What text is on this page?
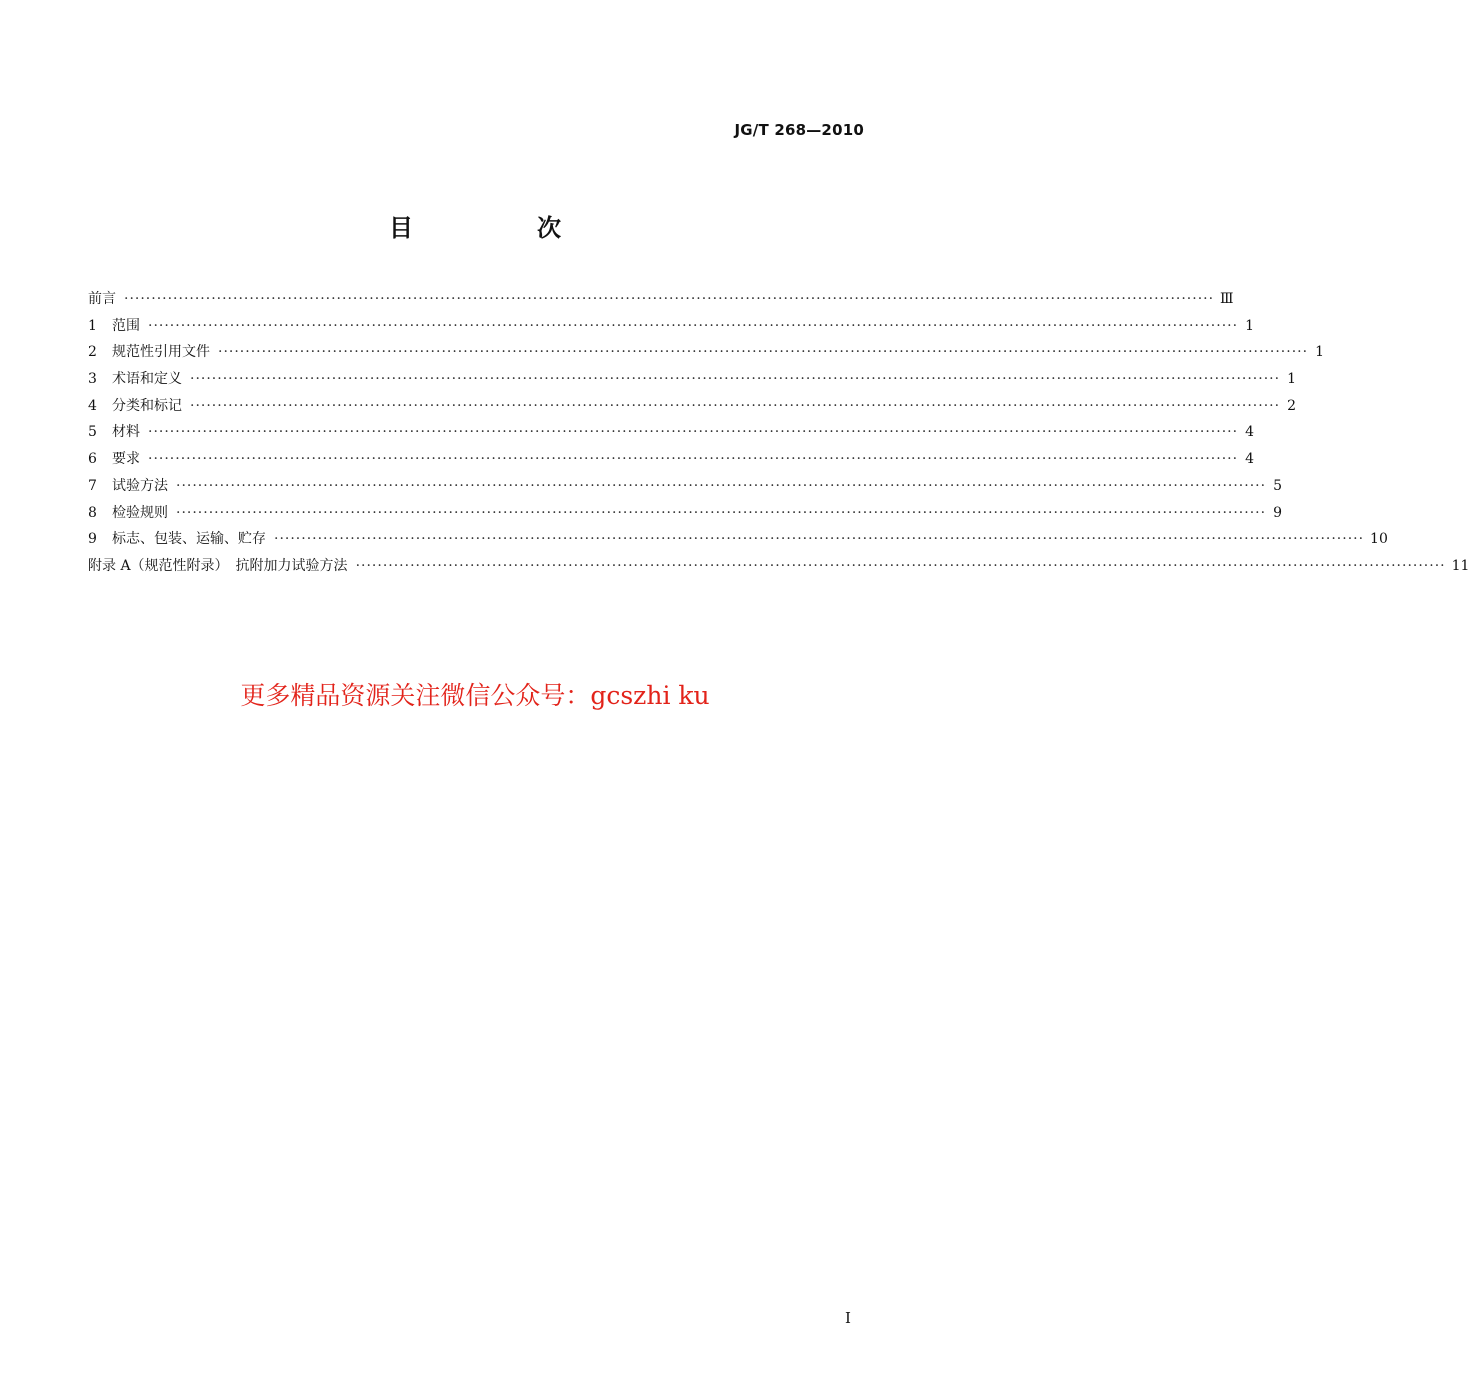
JG/T 268—2010
目　次
前言 ········································································································································································································ Ⅲ
1	范围 ········································································································································································································ 1
2	规范性引用文件 ········································································································································································································ 1
3	术语和定义 ········································································································································································································ 1
4	分类和标记 ········································································································································································································ 2
5	材料 ········································································································································································································ 4
6	要求 ········································································································································································································ 4
7	试验方法 ········································································································································································································ 5
8	检验规则 ········································································································································································································ 9
9	标志、包装、运输、贮存 ········································································································································································································ 10
附录 A（规范性附录）　抗附加力试验方法 ········································································································································································································ 11
更多精品资源关注微信公众号：gcszhi ku
I
